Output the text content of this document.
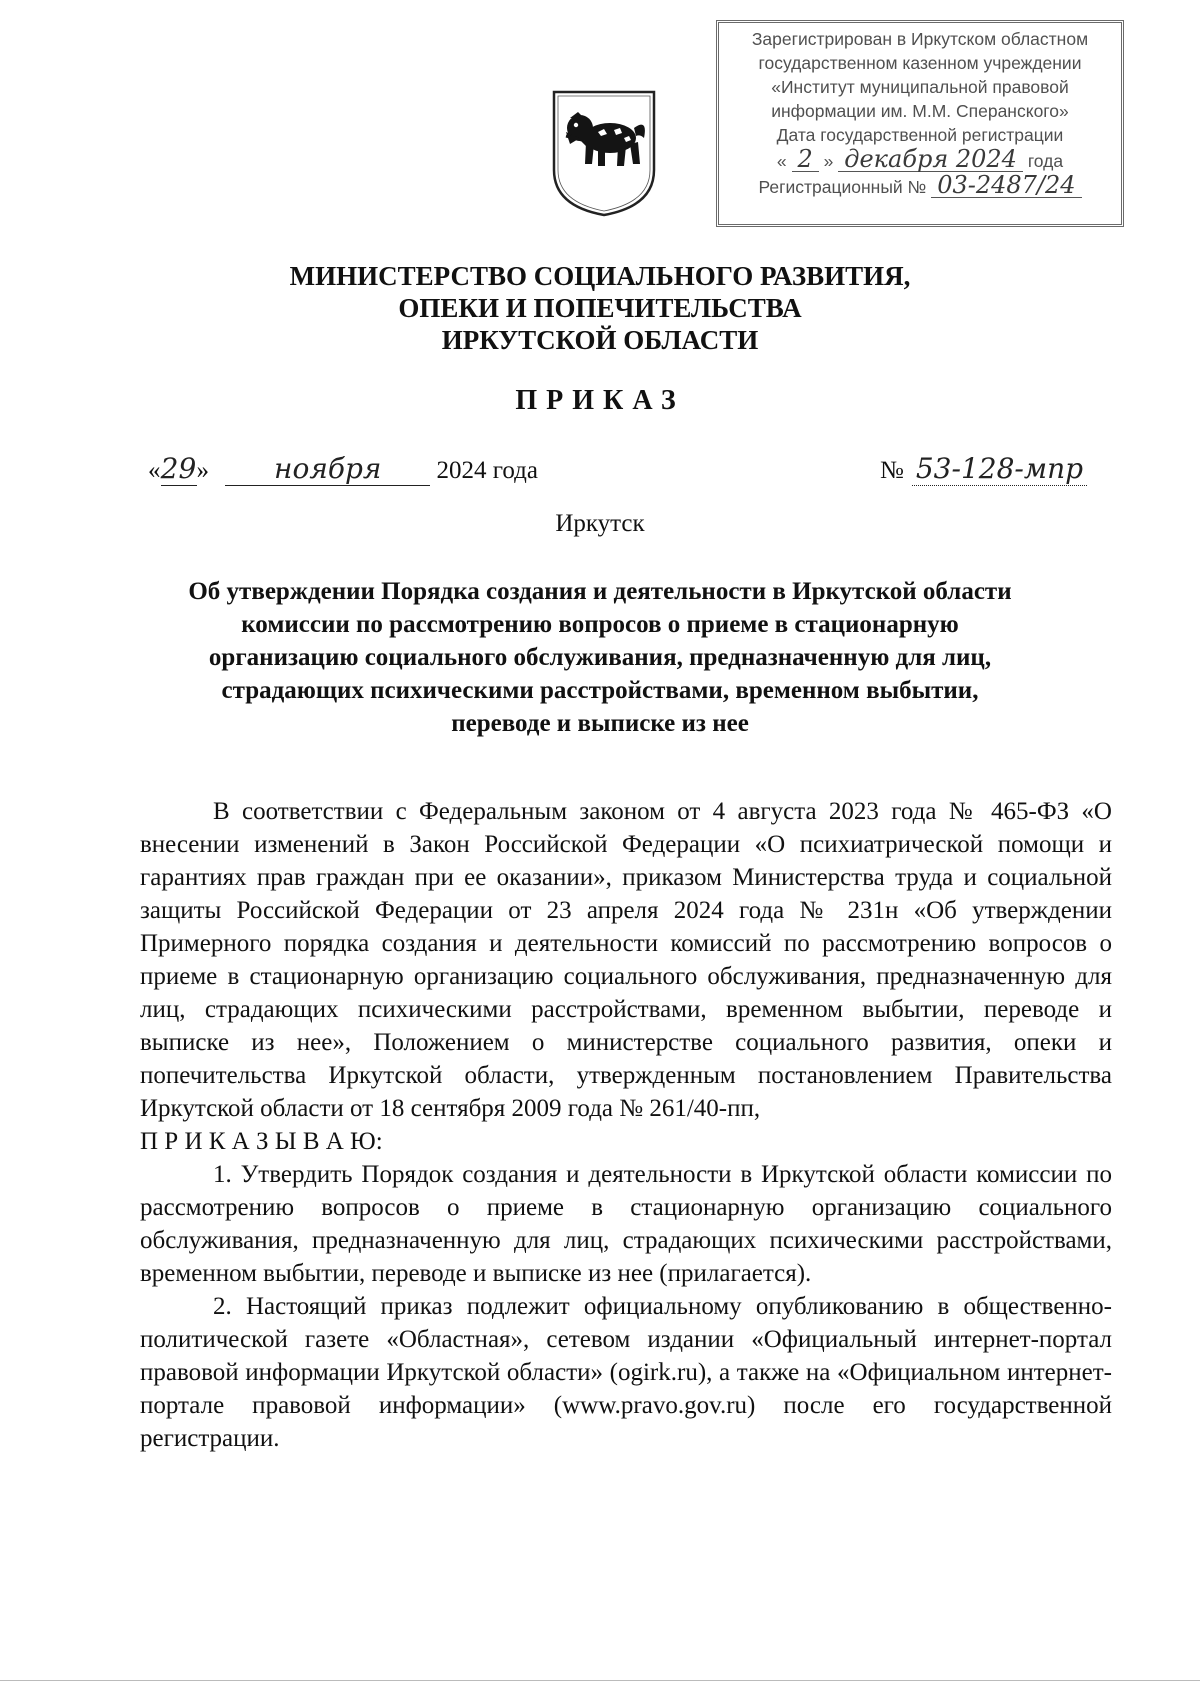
Зарегистрирован в Иркутском областном
государственном казенном учреждении
«Институт муниципальной правовой
информации им. М.М. Сперанского»
Дата государственной регистрации
« 2 » декабря 2024 года
Регистрационный № 03-2487/24
МИНИСТЕРСТВО СОЦИАЛЬНОГО РАЗВИТИЯ,
ОПЕКИ И ПОПЕЧИТЕЛЬСТВА
ИРКУТСКОЙ ОБЛАСТИ
ПРИКАЗ
«29» ноября 2024 года	№ 53-128-мпр
Иркутск
Об утверждении Порядка создания и деятельности в Иркутской области
комиссии по рассмотрению вопросов о приеме в стационарную
организацию социального обслуживания, предназначенную для лиц,
страдающих психическими расстройствами, временном выбытии,
переводе и выписке из нее

В соответствии с Федеральным законом от 4 августа 2023 года № 465-ФЗ «О внесении изменений в Закон Российской Федерации «О психиатрической помощи и гарантиях прав граждан при ее оказании», приказом Министерства труда и социальной защиты Российской Федерации от 23 апреля 2024 года № 231н «Об утверждении Примерного порядка создания и деятельности комиссий по рассмотрению вопросов о приеме в стационарную организацию социального обслуживания, предназначенную для лиц, страдающих психическими расстройствами, временном выбытии, переводе и выписке из нее», Положением о министерстве социального развития, опеки и попечительства Иркутской области, утвержденным постановлением Правительства Иркутской области от 18 сентября 2009 года № 261/40-пп,

П Р И К А З Ы В А Ю:

1. Утвердить Порядок создания и деятельности в Иркутской области комиссии по рассмотрению вопросов о приеме в стационарную организацию социального обслуживания, предназначенную для лиц, страдающих психическими расстройствами, временном выбытии, переводе и выписке из нее (прилагается).

2. Настоящий приказ подлежит официальному опубликованию в общественно-политической газете «Областная», сетевом издании «Официальный интернет-портал правовой информации Иркутской области» (ogirk.ru), а также на «Официальном интернет-портале правовой информации» (www.pravo.gov.ru) после его государственной регистрации.
